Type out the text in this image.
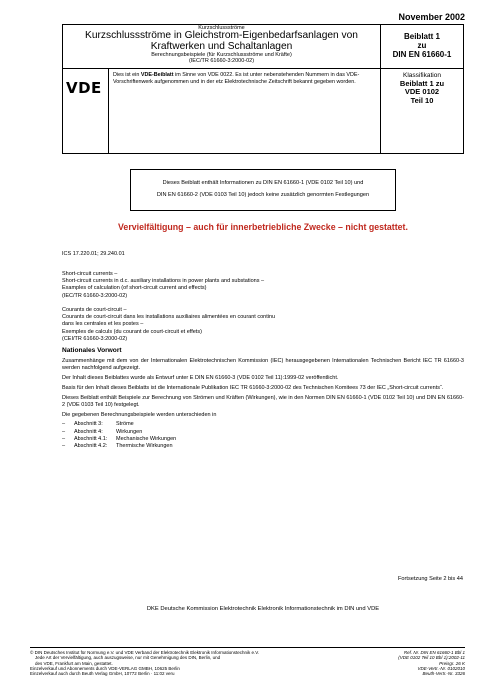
November 2002
Kurzschlussströme
Kurzschlussströme in Gleichstrom-Eigenbedarfsanlagen von Kraftwerken und Schaltanlagen
Berechnungsbeispiele (für Kurzschlussströme und Kräfte)
(IEC/TR 61660-3:2000-02)
Beiblatt 1
zu
DIN EN 61660-1
VDE
Dies ist ein VDE-Beiblatt im Sinne von VDE 0022. Es ist unter nebenstehenden Nummern in das VDE-Vorschriftenwerk aufgenommen und in der etz Elektrotechnische Zeitschrift bekannt gegeben worden.
Klassifikation
Beiblatt 1 zu
VDE 0102
Teil 10
Dieses Beiblatt enthält Informationen zu DIN EN 61660-1 (VDE 0102 Teil 10) und
DIN EN 61660-2 (VDE 0103 Teil 10) jedoch keine zusätzlich genormten Festlegungen
Vervielfältigung – auch für innerbetriebliche Zwecke – nicht gestattet.
ICS 17.220.01; 29.240.01
Short-circuit currents –
Short-circuit currents in d.c. auxiliary installations in power plants and substations –
Examples of calculation (of short-circuit current and effects)
(IEC/TR 61660-3:2000-02)
Courants de court-circuit –
Courants de court-circuit dans les installations auxiliaires alimentées en courant continu
dans les centrales et les postes –
Exemples de calculs (du courant de court-circuit et effets)
(CEI/TR 61660-3:2000-02)
Nationales Vorwort

Zusammenhänge mit dem von der Internationalen Elektrotechnischen Kommission (IEC) herausgegebenen Internationalen Technischen Bericht IEC TR 61660-3 werden nachfolgend aufgezeigt.

Der Inhalt dieses Beiblattes wurde als Entwurf unter E DIN EN 61660-3 (VDE 0102 Teil 11):1999-02 veröffentlicht.

Basis für den Inhalt dieses Beiblatts ist die Internationale Publikation IEC TR 61660-3:2000-02 des Technischen Komitees 73 der IEC „Short-circuit currents“.

Dieses Beiblatt enthält Beispiele zur Berechnung von Strömen und Kräften (Wirkungen), wie in den Normen DIN EN 61660-1 (VDE 0102 Teil 10) und DIN EN 61660-2 (VDE 0103 Teil 10) festgelegt.

Die gegebenen Berechnungsbeispiele werden unterschieden in

–	Abschnitt 3:	Ströme
–	Abschnitt 4:	Wirkungen
–	Abschnitt 4.1:	Mechanische Wirkungen
–	Abschnitt 4.2:	Thermische Wirkungen
Fortsetzung Seite 2 bis 44
DKE Deutsche Kommission Elektrotechnik Elektronik Informationstechnik im DIN und VDE
© DIN Deutsches Institut für Normung e.V. und VDE Verband der Elektrotechnik Elektronik Informationstechnik e.V.
Jede Art der Vervielfältigung, auch auszugsweise, nur mit Genehmigung des DIN, Berlin, und
des VDE, Frankfurt am Main, gestattet.
Einzelverkauf und Abonnements durch VDE-VERLAG GMBH, 10625 Berlin
Einzelverkauf auch durch Beuth Verlag GmbH, 10772 Berlin · 11:02 veru
Ref. Nr. DIN EN 61660-1 Bbl 1
(VDE 0102 Teil 10 Bbl 1):2002-11
Preisgr. 26 K
VDE-Vertr.-Nr. 0102010
Beuth-Vertr.-Nr. 3326
